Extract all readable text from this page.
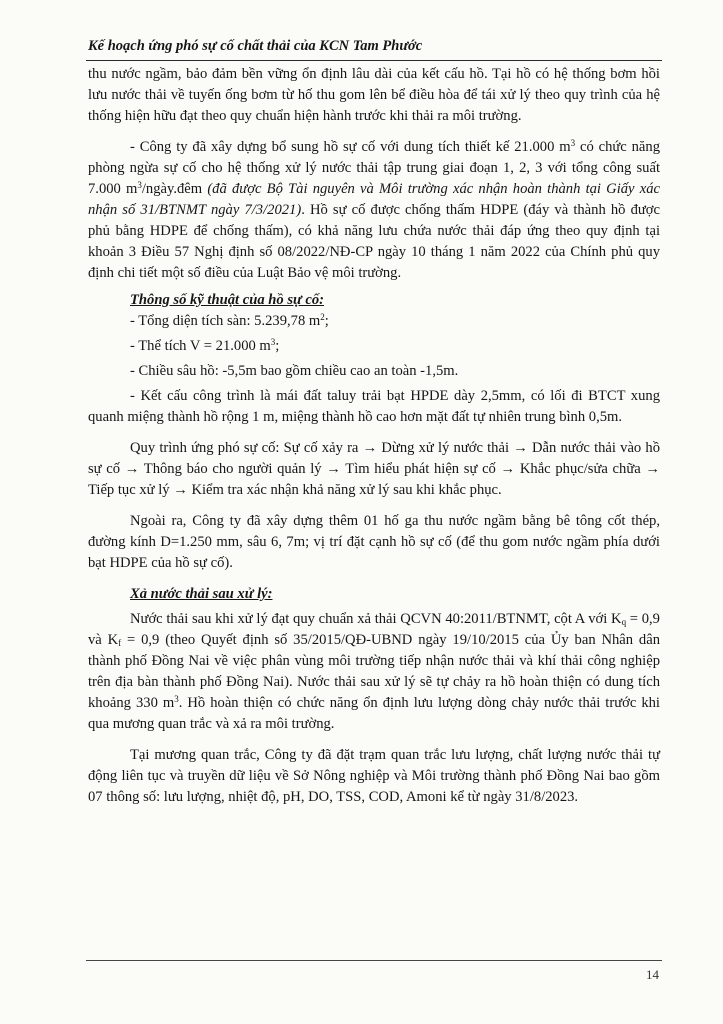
Kế hoạch ứng phó sự cố chất thải của KCN Tam Phước

thu nước ngầm, bảo đảm bền vững ổn định lâu dài của kết cấu hồ. Tại hồ có hệ thống bơm hồi lưu nước thải về tuyến ống bơm từ hố thu gom lên bể điều hòa để tái xử lý theo quy trình của hệ thống hiện hữu đạt theo quy chuẩn hiện hành trước khi thải ra môi trường.

- Công ty đã xây dựng bổ sung hồ sự cố với dung tích thiết kế 21.000 $m^3$ có chức năng phòng ngừa sự cố cho hệ thống xử lý nước thải tập trung giai đoạn 1, 2, 3 với tổng công suất 7.000 $m^3/ngày.đêm$ (đã được Bộ Tài nguyên và Môi trường xác nhận hoàn thành tại Giấy xác nhận số 31/BTNMT ngày 7/3/2021). Hồ sự cố được chống thấm HDPE (đáy và thành hồ được phủ bằng HDPE để chống thấm), có khả năng lưu chứa nước thải đáp ứng theo quy định tại khoản 3 Điều 57 Nghị định số 08/2022/NĐ-CP ngày 10 tháng 1 năm 2022 của Chính phủ quy định chi tiết một số điều của Luật Bảo vệ môi trường.

Thông số kỹ thuật của hồ sự cố:

- Tổng diện tích sàn: 5.239,78 $m^2$;

- Thể tích V = 21.000 $m^3$;

- Chiều sâu hồ: -5,5m bao gồm chiều cao an toàn -1,5m.

- Kết cấu công trình là mái đất taluy trải bạt HPDE dày 2,5mm, có lối đi BTCT xung quanh miệng thành hồ rộng 1 m, miệng thành hồ cao hơn mặt đất tự nhiên trung bình 0,5m.

Quy trình ứng phó sự cố: Sự cố xảy ra → Dừng xử lý nước thải → Dẫn nước thải vào hồ sự cố → Thông báo cho người quản lý → Tìm hiểu phát hiện sự cố → Khắc phục/sửa chữa → Tiếp tục xử lý → Kiểm tra xác nhận khả năng xử lý sau khi khắc phục.

Ngoài ra, Công ty đã xây dựng thêm 01 hố ga thu nước ngầm bằng bê tông cốt thép, đường kính D=1.250 mm, sâu 6, 7m; vị trí đặt cạnh hồ sự cố (để thu gom nước ngầm phía dưới bạt HDPE của hồ sự cố).

Xả nước thải sau xử lý:

Nước thải sau khi xử lý đạt quy chuẩn xả thải QCVN 40:2011/BTNMT, cột A với $K_q = 0,9$ và $K_f = 0,9$ (theo Quyết định số 35/2015/QĐ-UBND ngày 19/10/2015 của Ủy ban Nhân dân thành phố Đồng Nai về việc phân vùng môi trường tiếp nhận nước thải và khí thải công nghiệp trên địa bàn thành phố Đồng Nai). Nước thải sau xử lý sẽ tự chảy ra hồ hoàn thiện có dung tích khoảng 330 $m^3$. Hồ hoàn thiện có chức năng ổn định lưu lượng dòng chảy nước thải trước khi qua mương quan trắc và xả ra môi trường.

Tại mương quan trắc, Công ty đã đặt trạm quan trắc lưu lượng, chất lượng nước thải tự động liên tục và truyền dữ liệu về Sở Nông nghiệp và Môi trường thành phố Đồng Nai bao gồm 07 thông số: lưu lượng, nhiệt độ, pH, DO, TSS, COD, Amoni kể từ ngày 31/8/2023.

14
